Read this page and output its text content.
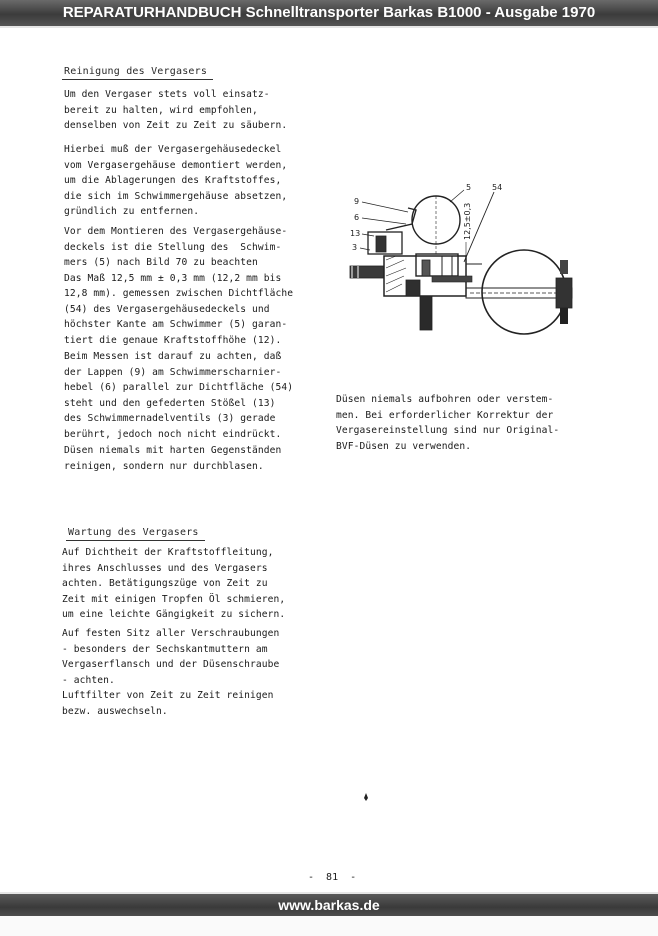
REPARATURHANDBUCH Schnelltransporter Barkas B1000 - Ausgabe 1970
Reinigung des Vergasers
Um den Vergaser stets voll einsatz-
bereit zu halten, wird empfohlen,
denselben von Zeit zu Zeit zu säubern.
Hierbei muß der Vergasergehäusedeckel
vom Vergasergehäuse demontiert werden,
um die Ablagerungen des Kraftstoffes,
die sich im Schwimmergehäuse absetzen,
gründlich zu entfernen.
Vor dem Montieren des Vergasergehäuse-
deckels ist die Stellung des  Schwim-
mers (5) nach Bild 70 zu beachten
Das Maß 12,5 mm ± 0,3 mm (12,2 mm bis
12,8 mm). gemessen zwischen Dichtfläche
(54) des Vergasergehäusedeckels und
höchster Kante am Schwimmer (5) garan-
tiert die genaue Kraftstoffhöhe (12).
Beim Messen ist darauf zu achten, daß
der Lappen (9) am Schwimmerscharnier-
hebel (6) parallel zur Dichtfläche (54)
steht und den gefederten Stößel (13)
des Schwimmernadelventils (3) gerade
berührt, jedoch noch nicht eindrückt.
Düsen niemals mit harten Gegenständen
reinigen, sondern nur durchblasen.
9
6
13
3
5	54
12,5±0,3
Düsen niemals aufbohren oder verstem-
men. Bei erforderlicher Korrektur der
Vergasereinstellung sind nur Original-
BVF-Düsen zu verwenden.
Wartung des Vergasers
Auf Dichtheit der Kraftstoffleitung,
ihres Anschlusses und des Vergasers
achten. Betätigungszüge von Zeit zu
Zeit mit einigen Tropfen Öl schmieren,
um eine leichte Gängigkeit zu sichern.
Auf festen Sitz aller Verschraubungen
- besonders der Sechskantmuttern am
Vergaserflansch und der Düsenschraube
- achten.
Luftfilter von Zeit zu Zeit reinigen
bezw. auswechseln.
-  81  -
www.barkas.de
